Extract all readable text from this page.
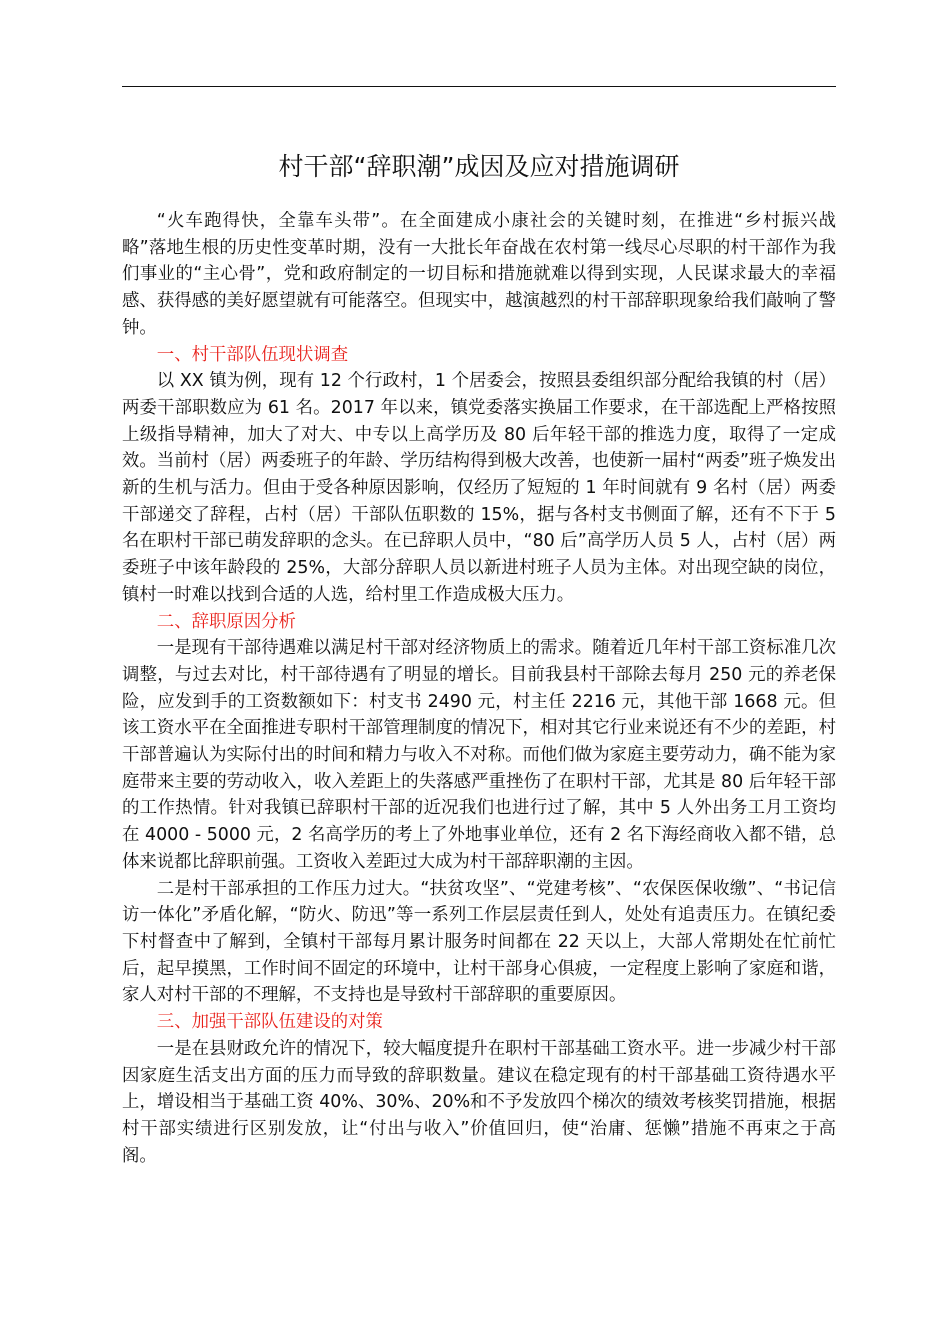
村干部“辞职潮”成因及应对措施调研

“火车跑得快，全靠车头带”。在全面建成小康社会的关键时刻，在推进“乡村振兴战略”落地生根的历史性变革时期，没有一大批长年奋战在农村第一线尽心尽职的村干部作为我们事业的“主心骨”，党和政府制定的一切目标和措施就难以得到实现，人民谋求最大的幸福感、获得感的美好愿望就有可能落空。但现实中，越演越烈的村干部辞职现象给我们敲响了警钟。

一、村干部队伍现状调查

以 XX 镇为例，现有 12 个行政村，1 个居委会，按照县委组织部分配给我镇的村（居）两委干部职数应为 61 名。2017 年以来，镇党委落实换届工作要求，在干部选配上严格按照上级指导精神，加大了对大、中专以上高学历及 80 后年轻干部的推选力度，取得了一定成效。当前村（居）两委班子的年龄、学历结构得到极大改善，也使新一届村“两委”班子焕发出新的生机与活力。但由于受各种原因影响，仅经历了短短的 1 年时间就有 9 名村（居）两委干部递交了辞程，占村（居）干部队伍职数的 15%，据与各村支书侧面了解，还有不下于 5 名在职村干部已萌发辞职的念头。在已辞职人员中，“80 后”高学历人员 5 人，占村（居）两委班子中该年龄段的 25%，大部分辞职人员以新进村班子人员为主体。对出现空缺的岗位，镇村一时难以找到合适的人选，给村里工作造成极大压力。

二、辞职原因分析

一是现有干部待遇难以满足村干部对经济物质上的需求。随着近几年村干部工资标准几次调整，与过去对比，村干部待遇有了明显的增长。目前我县村干部除去每月 250 元的养老保险，应发到手的工资数额如下：村支书 2490 元，村主任 2216 元，其他干部 1668 元。但该工资水平在全面推进专职村干部管理制度的情况下，相对其它行业来说还有不少的差距，村干部普遍认为实际付出的时间和精力与收入不对称。而他们做为家庭主要劳动力，确不能为家庭带来主要的劳动收入，收入差距上的失落感严重挫伤了在职村干部，尤其是 80 后年轻干部的工作热情。针对我镇已辞职村干部的近况我们也进行过了解，其中 5 人外出务工月工资均在 4000 - 5000 元，2 名高学历的考上了外地事业单位，还有 2 名下海经商收入都不错，总体来说都比辞职前强。工资收入差距过大成为村干部辞职潮的主因。

二是村干部承担的工作压力过大。“扶贫攻坚”、“党建考核”、“农保医保收缴”、“书记信访一体化”矛盾化解，“防火、防迅”等一系列工作层层责任到人，处处有追责压力。在镇纪委下村督查中了解到，全镇村干部每月累计服务时间都在 22 天以上，大部人常期处在忙前忙后，起早摸黑，工作时间不固定的环境中，让村干部身心俱疲，一定程度上影响了家庭和谐，家人对村干部的不理解，不支持也是导致村干部辞职的重要原因。

三、加强干部队伍建设的对策

一是在县财政允许的情况下，较大幅度提升在职村干部基础工资水平。进一步减少村干部因家庭生活支出方面的压力而导致的辞职数量。建议在稳定现有的村干部基础工资待遇水平上，增设相当于基础工资 40%、30%、20%和不予发放四个梯次的绩效考核奖罚措施，根据村干部实绩进行区别发放，让“付出与收入”价值回归，使“治庸、惩懒”措施不再束之于高阁。
